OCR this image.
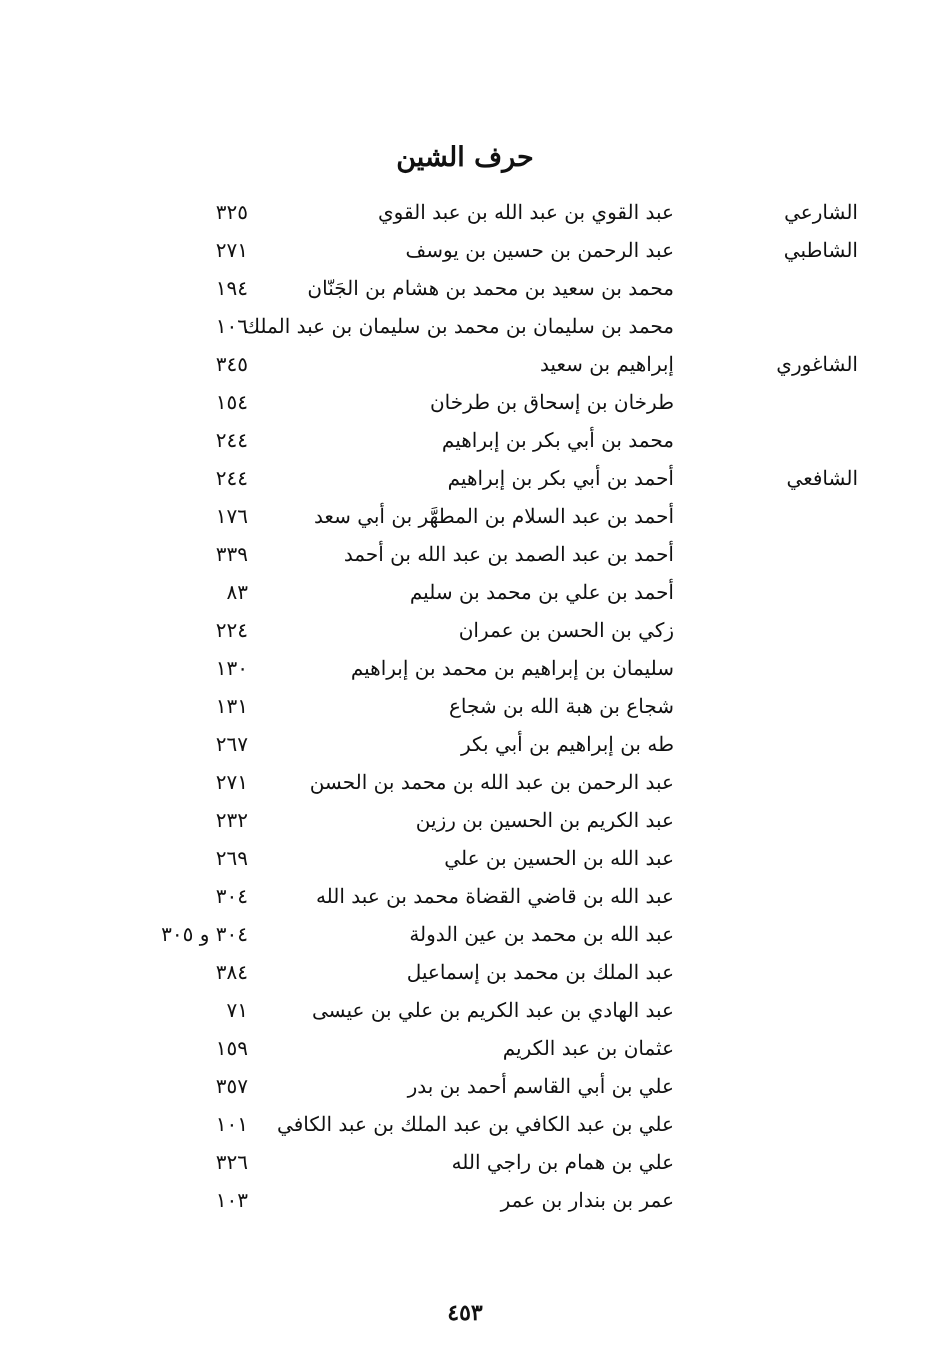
حرف الشين
الشارعي
عبد القوي بن عبد الله بن عبد القوي
٣٢٥
الشاطبي
عبد الرحمن بن حسين بن يوسف
٢٧١
محمد بن سعيد بن محمد بن هشام بن الجَنّان
١٩٤
محمد بن سليمان بن محمد بن سليمان بن عبد الملك
١٠٦
الشاغوري
إبراهيم بن سعيد
٣٤٥
طرخان بن إسحاق بن طرخان
١٥٤
محمد بن أبي بكر بن إبراهيم
٢٤٤
الشافعي
أحمد بن أبي بكر بن إبراهيم
٢٤٤
أحمد بن عبد السلام بن المطهَّر بن أبي سعد
١٧٦
أحمد بن عبد الصمد بن عبد الله بن أحمد
٣٣٩
أحمد بن علي بن محمد بن سليم
٨٣
زكي بن الحسن بن عمران
٢٢٤
سليمان بن إبراهيم بن محمد بن إبراهيم
١٣٠
شجاع بن هبة الله بن شجاع
١٣١
طه بن إبراهيم بن أبي بكر
٢٦٧
عبد الرحمن بن عبد الله بن محمد بن الحسن
٢٧١
عبد الكريم بن الحسين بن رزين
٢٣٢
عبد الله بن الحسين بن علي
٢٦٩
عبد الله بن قاضي القضاة محمد بن عبد الله
٣٠٤
عبد الله بن محمد بن عين الدولة
٣٠٤ و ٣٠٥
عبد الملك بن محمد بن إسماعيل
٣٨٤
عبد الهادي بن عبد الكريم بن علي بن عيسى
٧١
عثمان بن عبد الكريم
١٥٩
علي بن أبي القاسم أحمد بن بدر
٣٥٧
علي بن عبد الكافي بن عبد الملك بن عبد الكافي
١٠١
علي بن همام بن راجي الله
٣٢٦
عمر بن بندار بن عمر
١٠٣
٤٥٣
